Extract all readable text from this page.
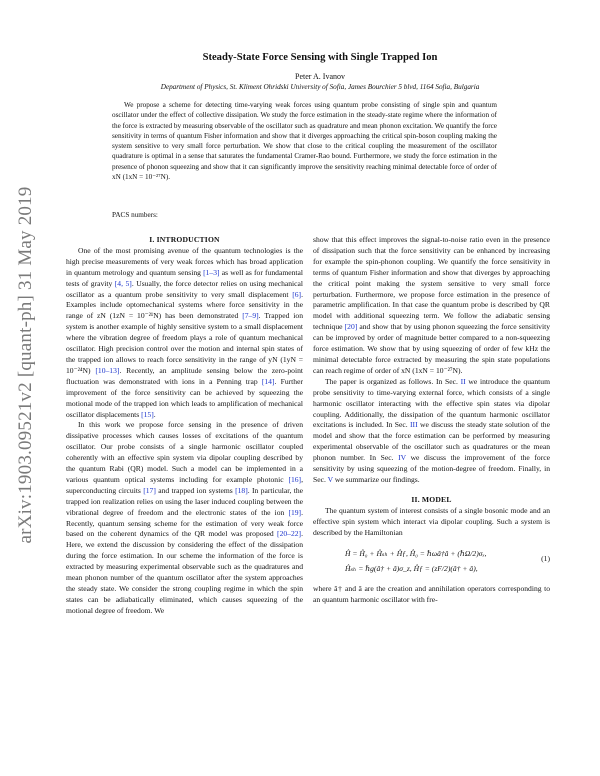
arXiv:1903.09521v2 [quant-ph] 31 May 2019
Steady-State Force Sensing with Single Trapped Ion
Peter A. Ivanov
Department of Physics, St. Kliment Ohridski University of Sofia, James Bourchier 5 blvd, 1164 Sofia, Bulgaria

We propose a scheme for detecting time-varying weak forces using quantum probe consisting of single spin and quantum oscillator under the effect of collective dissipation. We study the force estimation in the steady-state regime where the information of the force is extracted by measuring observable of the oscillator such as quadrature and mean phonon excitation. We quantify the force sensitivity in terms of quantum Fisher information and show that it diverges approaching the critical spin-boson coupling making the system sensitive to very small force perturbation. We show that close to the critical coupling the measurement of the oscillator quadrature is optimal in a sense that saturates the fundamental Cramer-Rao bound. Furthermore, we study the force estimation in the presence of phonon squeezing and show that it can significantly improve the sensitivity reaching minimal detectable force of order of xN (1xN = 10⁻²⁷N).

PACS numbers:

I. INTRODUCTION

One of the most promising avenue of the quantum technologies is the high precise measurements of very weak forces which has broad application in quantum metrology and quantum sensing [1–3] as well as for fundamental tests of gravity [4, 5]. Usually, the force detector relies on using mechanical oscillator as a quantum probe sensitivity to very small displacement [6]. Examples include optomechanical systems where force sensitivity in the range of zN (1zN = 10⁻²¹N) has been demonstrated [7–9]. Trapped ion system is another example of highly sensitive system to a small displacement where the vibration degree of freedom plays a role of quantum mechanical oscillator. High precision control over the motion and internal spin states of the trapped ion allows to reach force sensitivity in the range of yN (1yN = 10⁻²⁴N) [10–13]. Recently, an amplitude sensing below the zero-point fluctuation was demonstrated with ions in a Penning trap [14]. Further improvement of the force sensitivity can be achieved by squeezing the motional mode of the trapped ion which leads to amplification of mechanical oscillator displacements [15].

In this work we propose force sensing in the presence of driven dissipative processes which causes losses of excitations of the quantum oscillator. Our probe consists of a single harmonic oscillator coupled coherently with an effective spin system via dipolar coupling described by the quantum Rabi (QR) model. Such a model can be implemented in a various quantum optical systems including for example photonic [16], superconducting circuits [17] and trapped ion systems [18]. In particular, the trapped ion realization relies on using the laser induced coupling between the vibrational degree of freedom and the electronic states of the ion [19]. Recently, quantum sensing scheme for the estimation of very weak force based on the coherent dynamics of the QR model was proposed [20–22]. Here, we extend the discussion by considering the effect of the dissipation during the force estimation. In our scheme the information of the force is extracted by measuring experimental observable such as the quadratures and mean phonon number of the quantum oscillator after the system approaches the steady state. We consider the strong coupling regime in which the spin states can be adiabatically eliminated, which causes squeezing of the motional degree of freedom. We

show that this effect improves the signal-to-noise ratio even in the presence of dissipation such that the force sensitivity can be enhanced by increasing for example the spin-phonon coupling. We quantify the force sensitivity in terms of quantum Fisher information and show that diverges by approaching the critical point making the system sensitive to very small force perturbation. Furthermore, we propose force estimation in the presence of parametric amplification. In that case the quantum probe is described by QR model with additional squeezing term. We follow the adiabatic sensing technique [20] and show that by using phonon squeezing the force sensitivity can be improved by order of magnitude better compared to a non-squeezing force estimation. We show that by using squeezing of order of few kHz the minimal detectable force extracted by measuring the spin state populations can reach regime of order of xN (1xN = 10⁻²⁷N).

The paper is organized as follows. In Sec. II we introduce the quantum probe sensitivity to time-varying external force, which consists of a single harmonic oscillator interacting with the effective spin states via dipolar coupling. Additionally, the dissipation of the quantum harmonic oscillator excitations is included. In Sec. III we discuss the steady state solution of the model and show that the force estimation can be performed by measuring experimental observable of the oscillator such as quadratures or the mean phonon number. In Sec. IV we discuss the improvement of the force sensitivity by using squeezing of the motion-degree of freedom. Finally, in Sec. V we summarize our findings.

II. MODEL

The quantum system of interest consists of a single bosonic mode and an effective spin system which interact via dipolar coupling. Such a system is described by the Hamiltonian

Ĥ = Ĥ₀ + Ĥₛₕ + Ĥƒ, Ĥ₀ = ℏωâ†â + (ℏΩ/2)σₓ,
Ĥₛₕ = ℏg(â† + â)σ_z, Ĥƒ = (zF/2)(â† + â),
(1)

where â† and â are the creation and annihilation operators corresponding to an quantum harmonic oscillator with fre-
